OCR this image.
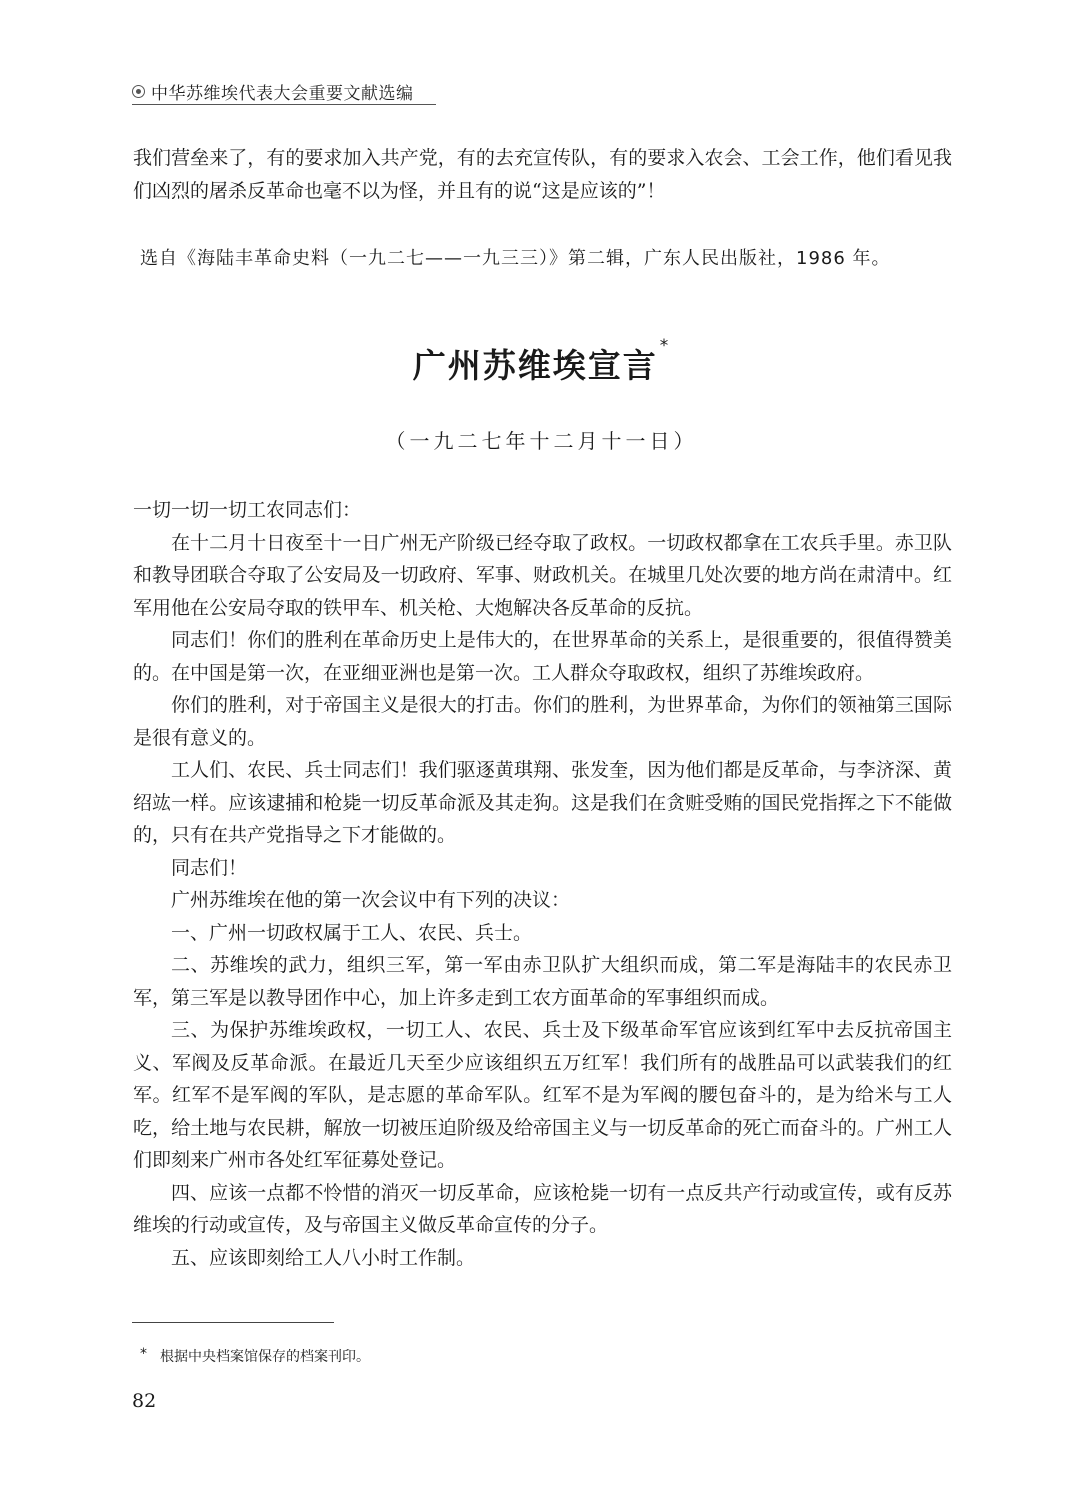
中华苏维埃代表大会重要文献选编

我们营垒来了，有的要求加入共产党，有的去充宣传队，有的要求入农会、工会工作，他们看见我们凶烈的屠杀反革命也毫不以为怪，并且有的说“这是应该的”！

选自《海陆丰革命史料（一九二七——一九三三）》第二辑，广东人民出版社，1986 年。
广州苏维埃宣言 *
（一九二七年十二月十一日）

一切一切一切工农同志们：

在十二月十日夜至十一日广州无产阶级已经夺取了政权。一切政权都拿在工农兵手里。赤卫队和教导团联合夺取了公安局及一切政府、军事、财政机关。在城里几处次要的地方尚在肃清中。红军用他在公安局夺取的铁甲车、机关枪、大炮解决各反革命的反抗。

同志们！你们的胜利在革命历史上是伟大的，在世界革命的关系上，是很重要的，很值得赞美的。在中国是第一次，在亚细亚洲也是第一次。工人群众夺取政权，组织了苏维埃政府。

你们的胜利，对于帝国主义是很大的打击。你们的胜利，为世界革命，为你们的领袖第三国际是很有意义的。

工人们、农民、兵士同志们！我们驱逐黄琪翔、张发奎，因为他们都是反革命，与李济深、黄绍竑一样。应该逮捕和枪毙一切反革命派及其走狗。这是我们在贪赃受贿的国民党指挥之下不能做的，只有在共产党指导之下才能做的。

同志们！

广州苏维埃在他的第一次会议中有下列的决议：

一、广州一切政权属于工人、农民、兵士。

二、苏维埃的武力，组织三军，第一军由赤卫队扩大组织而成，第二军是海陆丰的农民赤卫军，第三军是以教导团作中心，加上许多走到工农方面革命的军事组织而成。

三、为保护苏维埃政权，一切工人、农民、兵士及下级革命军官应该到红军中去反抗帝国主义、军阀及反革命派。在最近几天至少应该组织五万红军！我们所有的战胜品可以武装我们的红军。红军不是军阀的军队，是志愿的革命军队。红军不是为军阀的腰包奋斗的，是为给米与工人吃，给土地与农民耕，解放一切被压迫阶级及给帝国主义与一切反革命的死亡而奋斗的。广州工人们即刻来广州市各处红军征募处登记。

四、应该一点都不怜惜的消灭一切反革命，应该枪毙一切有一点反共产行动或宣传，或有反苏维埃的行动或宣传，及与帝国主义做反革命宣传的分子。

五、应该即刻给工人八小时工作制。

* 根据中央档案馆保存的档案刊印。
82
